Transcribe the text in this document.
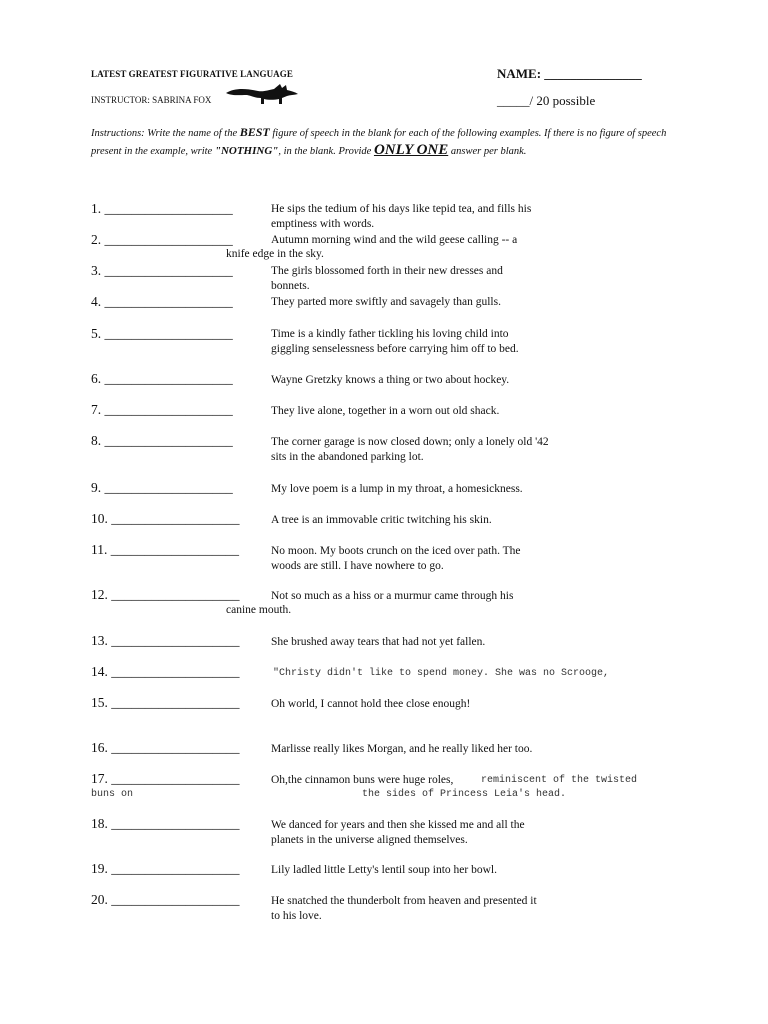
LATEST GREATEST FIGURATIVE LANGUAGE
INSTRUCTOR: SABRINA FOX
NAME: _______________
_____/ 20 possible
Instructions: Write the name of the BEST figure of speech in the blank for each of the following examples. If there is no figure of speech present in the example, write "NOTHING", in the blank. Provide ONLY ONE answer per blank.
1. ___________________	He sips the tedium of his days like tepid tea, and fills his
emptiness with words.
2. ___________________	Autumn morning wind and the wild geese calling -- a
knife edge in the sky.
3. ___________________	The girls blossomed forth in their new dresses and
bonnets.
4. ___________________	They parted more swiftly and savagely than gulls.
5. ___________________	Time is a kindly father tickling his loving child into
giggling senselessness before carrying him off to bed.
6. ___________________	Wayne Gretzky knows a thing or two about hockey.
7. ___________________	They live alone, together in a worn out old shack.
8. ___________________	The corner garage is now closed down; only a lonely old '42
sits in the abandoned parking lot.
9. ___________________	My love poem is a lump in my throat, a homesickness.
10. ___________________	A tree is an immovable critic twitching his skin.
11. ___________________	No moon. My boots crunch on the iced over path. The
woods are still. I have nowhere to go.
12. ___________________	Not so much as a hiss or a murmur came through his
canine mouth.
13. ___________________	She brushed away tears that had not yet fallen.
14. ___________________	"Christy didn't like to spend money. She was no Scrooge,
15. ___________________	Oh world, I cannot hold thee close enough!
16. ___________________	Marlisse really likes Morgan, and he really liked her too.
17. ___________________	Oh,the cinnamon buns were huge roles,	reminiscent of the twisted
buns on	the sides of Princess Leia's head.
18. ___________________	We danced for years and then she kissed me and all the
planets in the universe aligned themselves.
19. ___________________	Lily ladled little Letty's lentil soup into her bowl.
20. ___________________	He snatched the thunderbolt from heaven and presented it
to his love.
